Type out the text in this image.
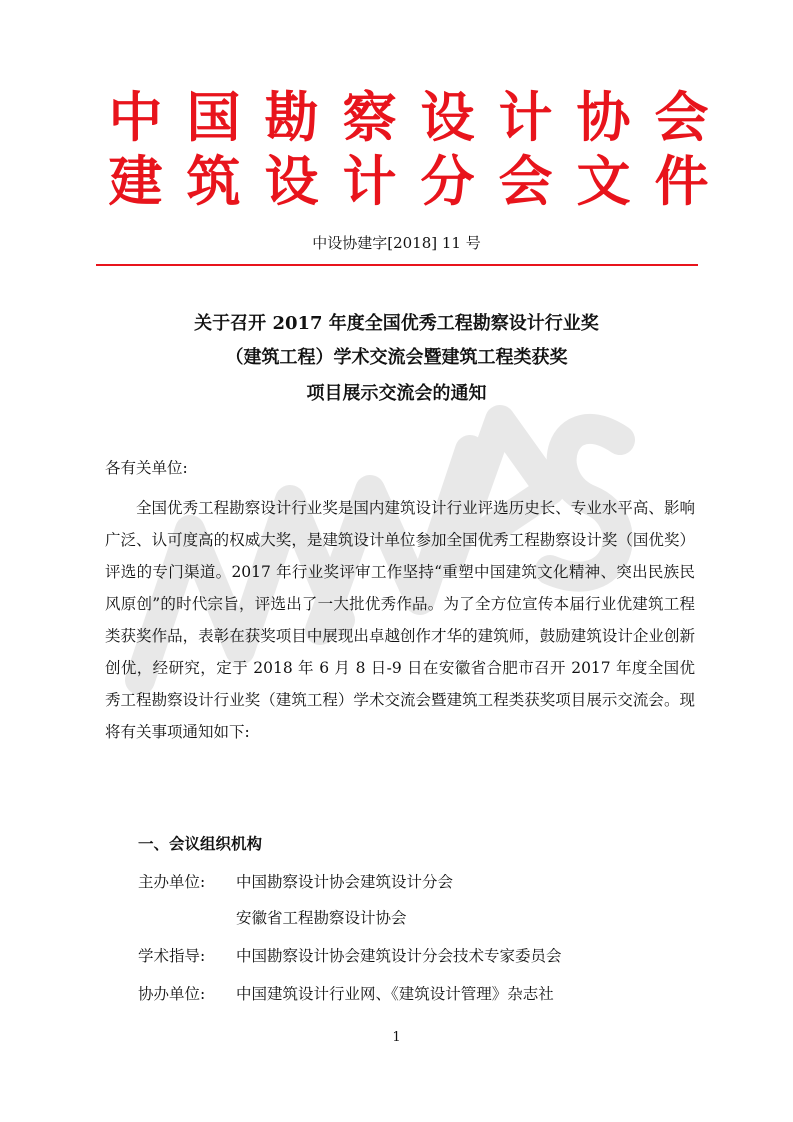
中国勘察设计协会
建筑设计分会文件
中设协建字[2018] 11 号
关于召开 2017 年度全国优秀工程勘察设计行业奖
（建筑工程）学术交流会暨建筑工程类获奖
项目展示交流会的通知
各有关单位:
全国优秀工程勘察设计行业奖是国内建筑设计行业评选历史长、专业水平高、影响广泛、认可度高的权威大奖，是建筑设计单位参加全国优秀工程勘察设计奖（国优奖）评选的专门渠道。2017 年行业奖评审工作坚持“重塑中国建筑文化精神、突出民族民风原创”的时代宗旨，评选出了一大批优秀作品。为了全方位宣传本届行业优建筑工程类获奖作品，表彰在获奖项目中展现出卓越创作才华的建筑师，鼓励建筑设计企业创新创优，经研究，定于 2018 年 6 月 8 日-9 日在安徽省合肥市召开 2017 年度全国优秀工程勘察设计行业奖（建筑工程）学术交流会暨建筑工程类获奖项目展示交流会。现将有关事项通知如下:
一、会议组织机构
主办单位:	中国勘察设计协会建筑设计分会
安徽省工程勘察设计协会
学术指导:	中国勘察设计协会建筑设计分会技术专家委员会
协办单位:	中国建筑设计行业网、《建筑设计管理》杂志社
1
